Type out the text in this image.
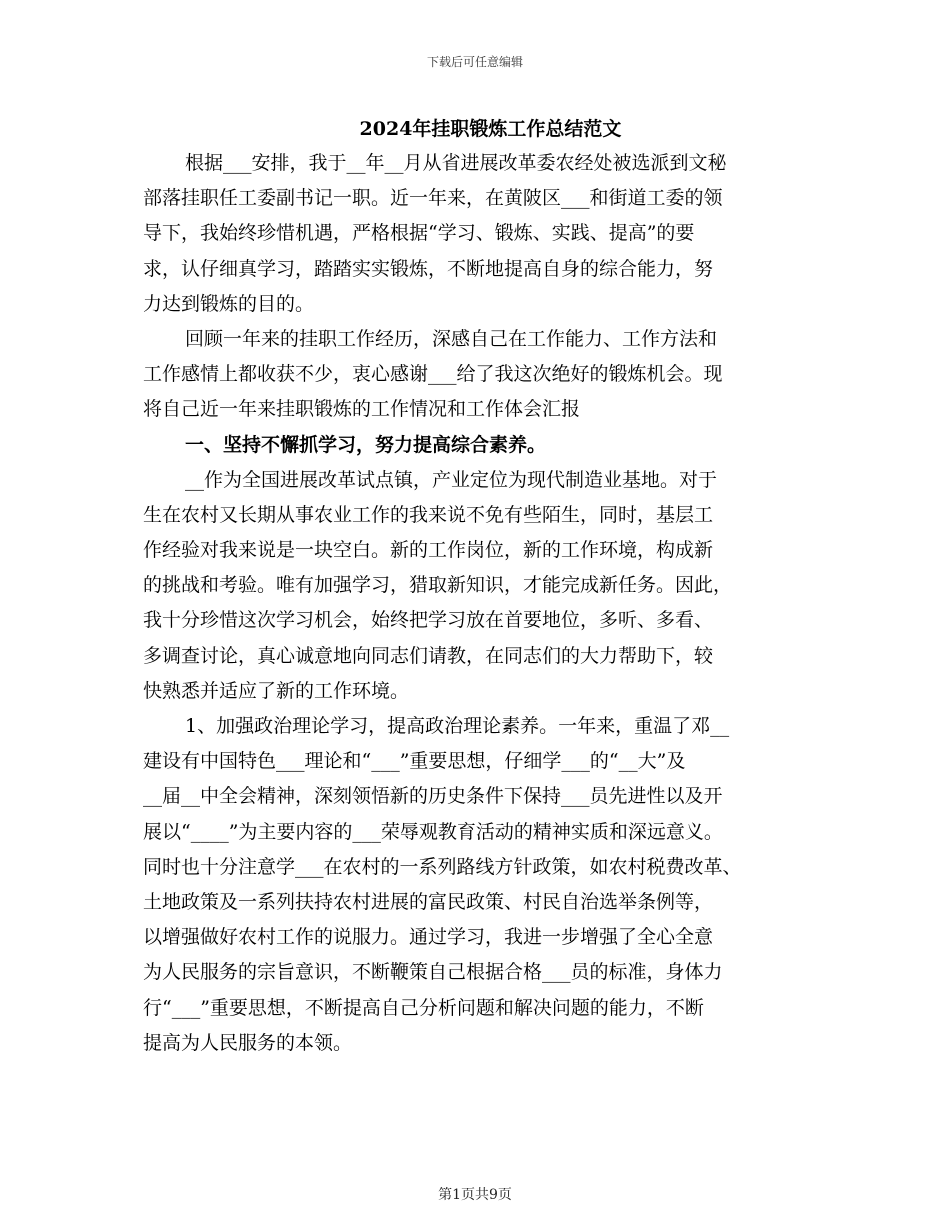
下载后可任意编辑
2024年挂职锻炼工作总结范文
根据___安排，我于__年__月从省进展改革委农经处被选派到文秘
部落挂职任工委副书记一职。近一年来，在黄陂区___和街道工委的领
导下，我始终珍惜机遇，严格根据“学习、锻炼、实践、提高”的要
求，认仔细真学习，踏踏实实锻炼，不断地提高自身的综合能力，努
力达到锻炼的目的。
回顾一年来的挂职工作经历，深感自己在工作能力、工作方法和
工作感情上都收获不少，衷心感谢___给了我这次绝好的锻炼机会。现
将自己近一年来挂职锻炼的工作情况和工作体会汇报
一、坚持不懈抓学习，努力提高综合素养。
__作为全国进展改革试点镇，产业定位为现代制造业基地。对于
生在农村又长期从事农业工作的我来说不免有些陌生，同时，基层工
作经验对我来说是一块空白。新的工作岗位，新的工作环境，构成新
的挑战和考验。唯有加强学习，猎取新知识，才能完成新任务。因此，
我十分珍惜这次学习机会，始终把学习放在首要地位，多听、多看、
多调查讨论，真心诚意地向同志们请教，在同志们的大力帮助下，较
快熟悉并适应了新的工作环境。
1、加强政治理论学习，提高政治理论素养。一年来，重温了邓__
建设有中国特色___理论和“___”重要思想，仔细学___的“__大”及
__届__中全会精神，深刻领悟新的历史条件下保持___员先进性以及开
展以“____”为主要内容的___荣辱观教育活动的精神实质和深远意义。
同时也十分注意学___在农村的一系列路线方针政策，如农村税费改革、
土地政策及一系列扶持农村进展的富民政策、村民自治选举条例等，
以增强做好农村工作的说服力。通过学习，我进一步增强了全心全意
为人民服务的宗旨意识，不断鞭策自己根据合格___员的标准，身体力
行“___”重要思想，不断提高自己分析问题和解决问题的能力，不断
提高为人民服务的本领。
第1页共9页
